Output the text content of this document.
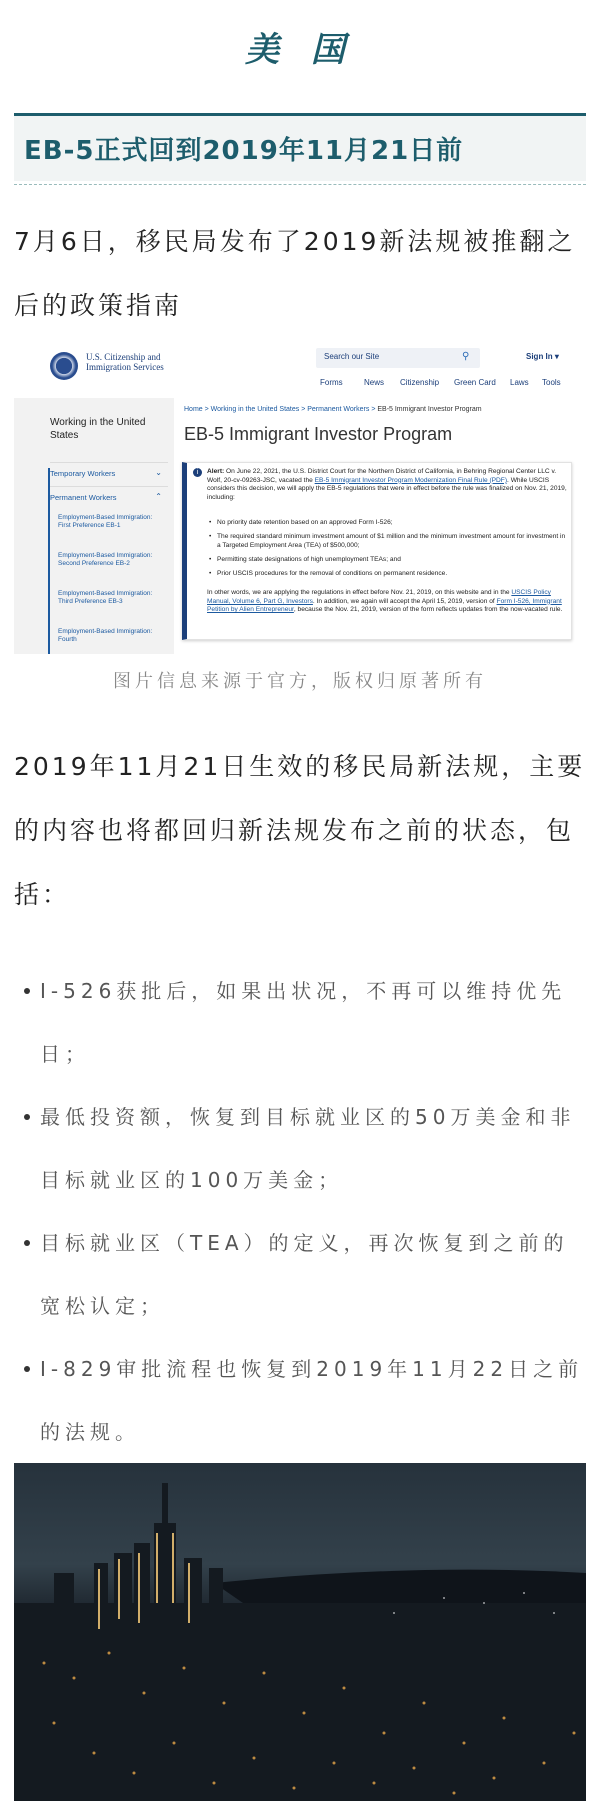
美 国
EB-5正式回到2019年11月21日前
7月6日，移民局发布了2019新法规被推翻之后的政策指南
U.S. Citizenship and Immigration Services
Search our Site	⚲	Sign In ▾
Forms	News Citizenship Green Card Laws Tools
Working in the United States
Temporary Workers	⌄
Permanent Workers	⌃
Employment-Based Immigration: First Preference EB-1
Employment-Based Immigration: Second Preference EB-2
Employment-Based Immigration: Third Preference EB-3
Employment-Based Immigration: Fourth
Home > Working in the United States > Permanent Workers > EB-5 Immigrant Investor Program
EB-5 Immigrant Investor Program
i	Alert: On June 22, 2021, the U.S. District Court for the Northern District of California, in Behring Regional Center LLC v. Wolf, 20-cv-09263-JSC, vacated the EB-5 Immigrant Investor Program Modernization Final Rule (PDF). While USCIS considers this decision, we will apply the EB-5 regulations that were in effect before the rule was finalized on Nov. 21, 2019, including:
• No priority date retention based on an approved Form I-526;
• The required standard minimum investment amount of $1 million and the minimum investment amount for investment in a Targeted Employment Area (TEA) of $500,000;
• Permitting state designations of high unemployment TEAs; and
• Prior USCIS procedures for the removal of conditions on permanent residence.
In other words, we are applying the regulations in effect before Nov. 21, 2019, on this website and in the USCIS Policy Manual, Volume 6, Part G, Investors. In addition, we again will accept the April 15, 2019, version of Form I-526, Immigrant Petition by Alien Entrepreneur, because the Nov. 21, 2019, version of the form reflects updates from the now-vacated rule.
图片信息来源于官方，版权归原著所有
2019年11月21日生效的移民局新法规，主要的内容也将都回归新法规发布之前的状态，包括：
I-526获批后，如果出状况，不再可以维持优先日；
最低投资额，恢复到目标就业区的50万美金和非目标就业区的100万美金；
目标就业区（TEA）的定义，再次恢复到之前的宽松认定；
I-829审批流程也恢复到2019年11月22日之前的法规。
